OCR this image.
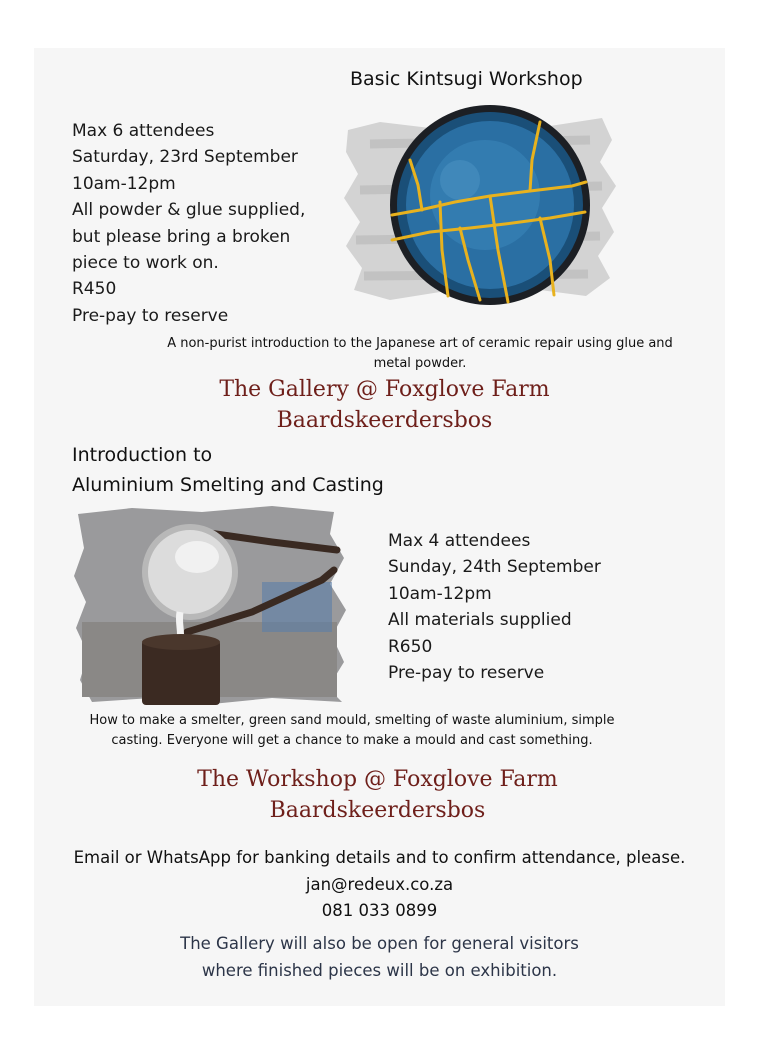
Basic Kintsugi Workshop
Max 6 attendees
Saturday, 23rd September
10am-12pm
All powder & glue supplied,
but please bring a broken
piece to work on.
R450
Pre-pay to reserve
A non-purist introduction to the Japanese art of ceramic repair using glue and metal powder.
The Gallery @ Foxglove Farm
Baardskeerdersbos
Introduction to
Aluminium Smelting and Casting
Max 4 attendees
Sunday, 24th September
10am-12pm
All materials supplied
R650
Pre-pay to reserve
How to make a smelter, green sand mould, smelting of waste aluminium, simple casting. Everyone will get a chance to make a mould and cast something.
The Workshop @ Foxglove Farm
Baardskeerdersbos
Email or WhatsApp for banking details and to confirm attendance, please.
jan@redeux.co.za
081 033 0899
The Gallery will also be open for general visitors
where finished pieces will be on exhibition.
